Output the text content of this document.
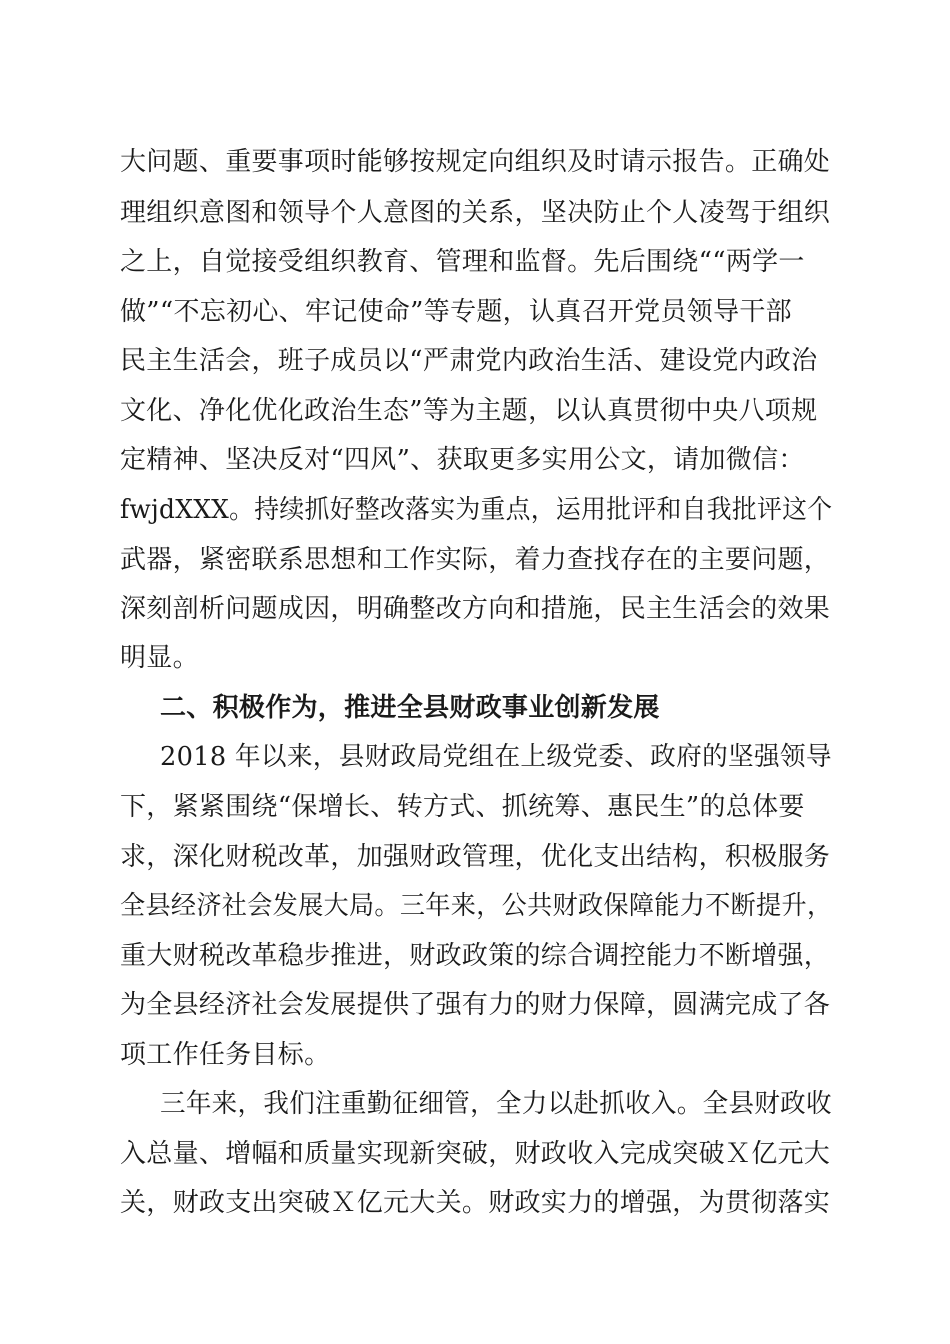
大问题、重要事项时能够按规定向组织及时请示报告。正确处
理组织意图和领导个人意图的关系，坚决防止个人凌驾于组织
之上，自觉接受组织教育、管理和监督。先后围绕““两学一
做”“不忘初心、牢记使命”等专题，认真召开党员领导干部
民主生活会，班子成员以“严肃党内政治生活、建设党内政治
文化、净化优化政治生态”等为主题，以认真贯彻中央八项规
定精神、坚决反对“四风”、获取更多实用公文，请加微信：
fwjdXXX。持续抓好整改落实为重点，运用批评和自我批评这个
武器，紧密联系思想和工作实际，着力查找存在的主要问题，
深刻剖析问题成因，明确整改方向和措施，民主生活会的效果
明显。
二、积极作为，推进全县财政事业创新发展
2018 年以来，县财政局党组在上级党委、政府的坚强领导
下，紧紧围绕“保增长、转方式、抓统筹、惠民生”的总体要
求，深化财税改革，加强财政管理，优化支出结构，积极服务
全县经济社会发展大局。三年来，公共财政保障能力不断提升，
重大财税改革稳步推进，财政政策的综合调控能力不断增强，
为全县经济社会发展提供了强有力的财力保障，圆满完成了各
项工作任务目标。
三年来，我们注重勤征细管，全力以赴抓收入。全县财政收
入总量、增幅和质量实现新突破，财政收入完成突破Ｘ亿元大
关，财政支出突破Ｘ亿元大关。财政实力的增强，为贯彻落实
